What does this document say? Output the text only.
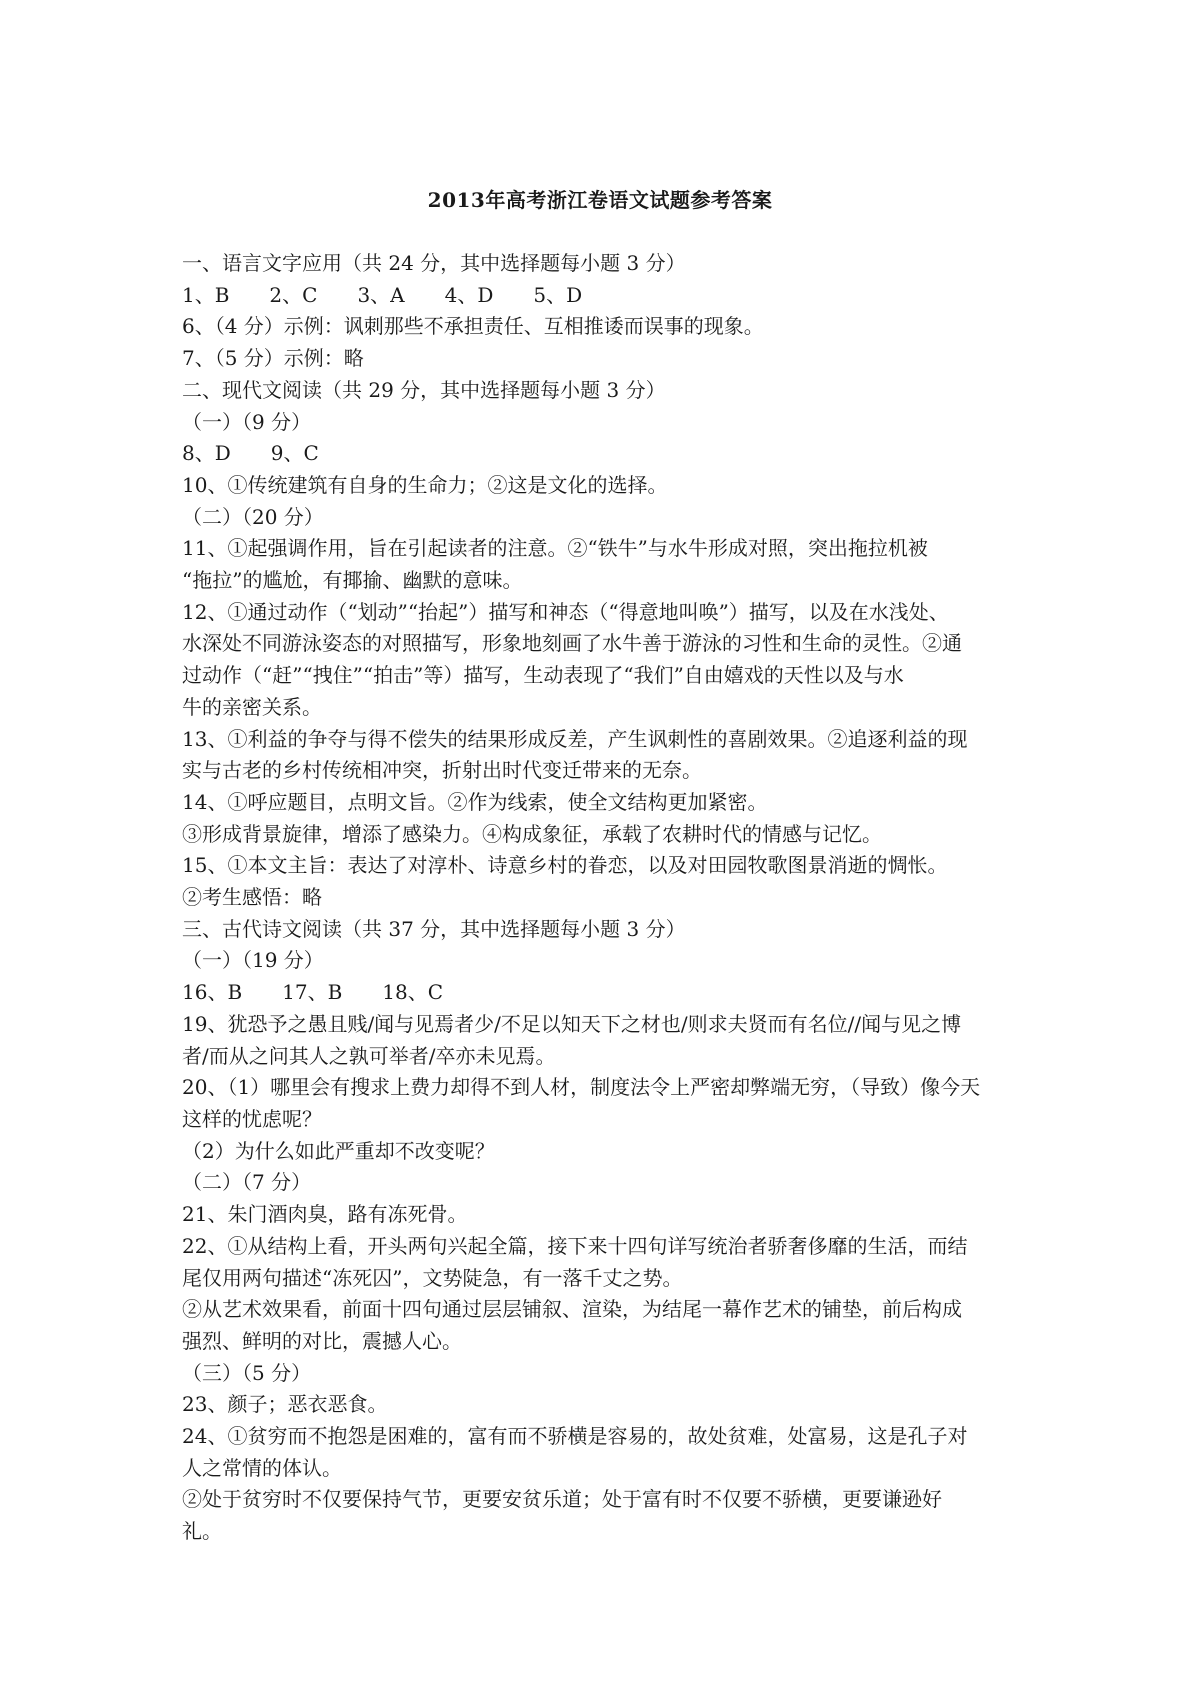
2013年高考浙江卷语文试题参考答案

一、语言文字应用（共 24 分，其中选择题每小题 3 分）

1、B　　2、C　　3、A　　4、D　　5、D

6、（4 分）示例：讽刺那些不承担责任、互相推诿而误事的现象。

7、（5 分）示例：略

二、现代文阅读（共 29 分，其中选择题每小题 3 分）

（一）（9 分）

8、D　　9、C

10、①传统建筑有自身的生命力；②这是文化的选择。

（二）（20 分）

11、①起强调作用，旨在引起读者的注意。②“铁牛”与水牛形成对照，突出拖拉机被

“拖拉”的尴尬，有揶揄、幽默的意味。

12、①通过动作（“划动”“抬起”）描写和神态（“得意地叫唤”）描写，以及在水浅处、

水深处不同游泳姿态的对照描写，形象地刻画了水牛善于游泳的习性和生命的灵性。②通

过动作（“赶”“拽住”“拍击”等）描写，生动表现了“我们”自由嬉戏的天性以及与水

牛的亲密关系。

13、①利益的争夺与得不偿失的结果形成反差，产生讽刺性的喜剧效果。②追逐利益的现

实与古老的乡村传统相冲突，折射出时代变迁带来的无奈。

14、①呼应题目，点明文旨。②作为线索，使全文结构更加紧密。

③形成背景旋律，增添了感染力。④构成象征，承载了农耕时代的情感与记忆。

15、①本文主旨：表达了对淳朴、诗意乡村的眷恋，以及对田园牧歌图景消逝的惆怅。

②考生感悟：略

三、古代诗文阅读（共 37 分，其中选择题每小题 3 分）

（一）（19 分）

16、B　　17、B　　18、C

19、犹恐予之愚且贱/闻与见焉者少/不足以知天下之材也/则求夫贤而有名位//闻与见之博

者/而从之问其人之孰可举者/卒亦未见焉。

20、（1）哪里会有搜求上费力却得不到人材，制度法令上严密却弊端无穷，（导致）像今天

这样的忧虑呢？

（2）为什么如此严重却不改变呢？

（二）（7 分）

21、朱门酒肉臭，路有冻死骨。

22、①从结构上看，开头两句兴起全篇，接下来十四句详写统治者骄奢侈靡的生活，而结

尾仅用两句描述“冻死囚”，文势陡急，有一落千丈之势。

②从艺术效果看，前面十四句通过层层铺叙、渲染，为结尾一幕作艺术的铺垫，前后构成

强烈、鲜明的对比，震撼人心。

（三）（5 分）

23、颜子；恶衣恶食。

24、①贫穷而不抱怨是困难的，富有而不骄横是容易的，故处贫难，处富易，这是孔子对

人之常情的体认。

②处于贫穷时不仅要保持气节，更要安贫乐道；处于富有时不仅要不骄横，更要谦逊好

礼。
